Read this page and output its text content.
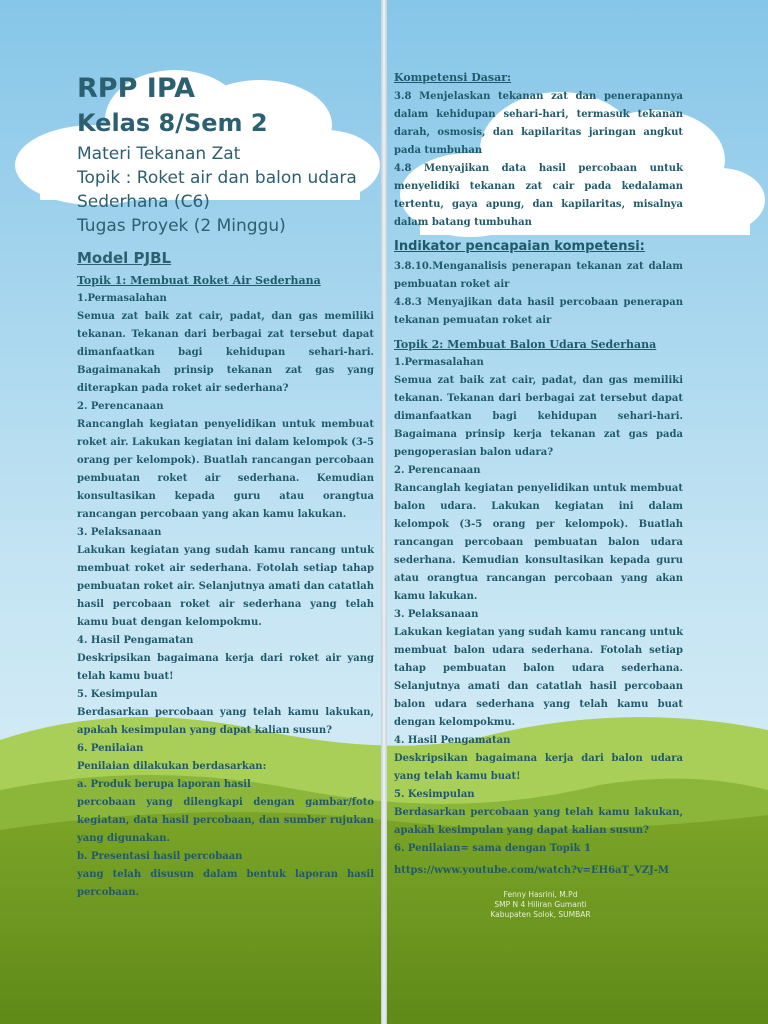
RPP IPA
Kelas 8/Sem 2

Materi Tekanan Zat

Topik : Roket air dan balon udara

Sederhana (C6)

Tugas Proyek (2 Minggu)

Model PJBL

Topik 1: Membuat Roket Air Sederhana

1.Permasalahan

Semua zat baik zat cair, padat, dan gas memiliki tekanan. Tekanan dari berbagai zat tersebut dapat dimanfaatkan bagi kehidupan sehari-hari. Bagaimanakah prinsip tekanan zat gas yang diterapkan pada roket air sederhana?

2. Perencanaan

Rancanglah kegiatan penyelidikan untuk membuat roket air. Lakukan kegiatan ini dalam kelompok (3-5 orang per kelompok). Buatlah rancangan percobaan pembuatan roket air sederhana. Kemudian konsultasikan kepada guru atau orangtua rancangan percobaan yang akan kamu lakukan.

3. Pelaksanaan

Lakukan kegiatan yang sudah kamu rancang untuk membuat roket air sederhana. Fotolah setiap tahap pembuatan roket air. Selanjutnya amati dan catatlah hasil percobaan roket air sederhana yang telah kamu buat dengan kelompokmu.

4. Hasil Pengamatan

Deskripsikan bagaimana kerja dari roket air yang telah kamu buat!

5. Kesimpulan

Berdasarkan percobaan yang telah kamu lakukan, apakah kesimpulan yang dapat kalian susun?

6. Penilaian

Penilaian dilakukan berdasarkan:

a. Produk berupa laporan hasil

percobaan yang dilengkapi dengan gambar/foto kegiatan, data hasil percobaan, dan sumber rujukan yang digunakan.

b. Presentasi hasil percobaan

yang telah disusun dalam bentuk laporan hasil percobaan.

Kompetensi Dasar:

3.8 Menjelaskan tekanan zat dan penerapannya dalam kehidupan sehari-hari, termasuk tekanan darah, osmosis, dan kapilaritas jaringan angkut pada tumbuhan

4.8 Menyajikan data hasil percobaan untuk menyelidiki tekanan zat cair pada kedalaman tertentu, gaya apung, dan kapilaritas, misalnya dalam batang tumbuhan

Indikator pencapaian kompetensi:

3.8.10.Menganalisis penerapan tekanan zat dalam pembuatan roket air

4.8.3 Menyajikan data hasil percobaan penerapan tekanan pemuatan roket air

Topik 2: Membuat Balon Udara Sederhana

1.Permasalahan

Semua zat baik zat cair, padat, dan gas memiliki tekanan. Tekanan dari berbagai zat tersebut dapat dimanfaatkan bagi kehidupan sehari-hari. Bagaimana prinsip kerja tekanan zat gas pada pengoperasian balon udara?

2. Perencanaan

Rancanglah kegiatan penyelidikan untuk membuat balon udara. Lakukan kegiatan ini dalam kelompok (3-5 orang per kelompok). Buatlah rancangan percobaan pembuatan balon udara sederhana. Kemudian konsultasikan kepada guru atau orangtua rancangan percobaan yang akan kamu lakukan.

3. Pelaksanaan

Lakukan kegiatan yang sudah kamu rancang untuk membuat balon udara sederhana. Fotolah setiap tahap pembuatan balon udara sederhana. Selanjutnya amati dan catatlah hasil percobaan balon udara sederhana yang telah kamu buat dengan kelompokmu.

4. Hasil Pengamatan

Deskripsikan bagaimana kerja dari balon udara yang telah kamu buat!

5. Kesimpulan

Berdasarkan percobaan yang telah kamu lakukan, apakah kesimpulan yang dapat kalian susun?

6. Penilaian= sama dengan Topik 1

https://www.youtube.com/watch?v=EH6aT_VZJ-M

Fenny Hasrini, M.Pd
SMP N 4 Hiliran Gumanti
Kabupaten Solok, SUMBAR
